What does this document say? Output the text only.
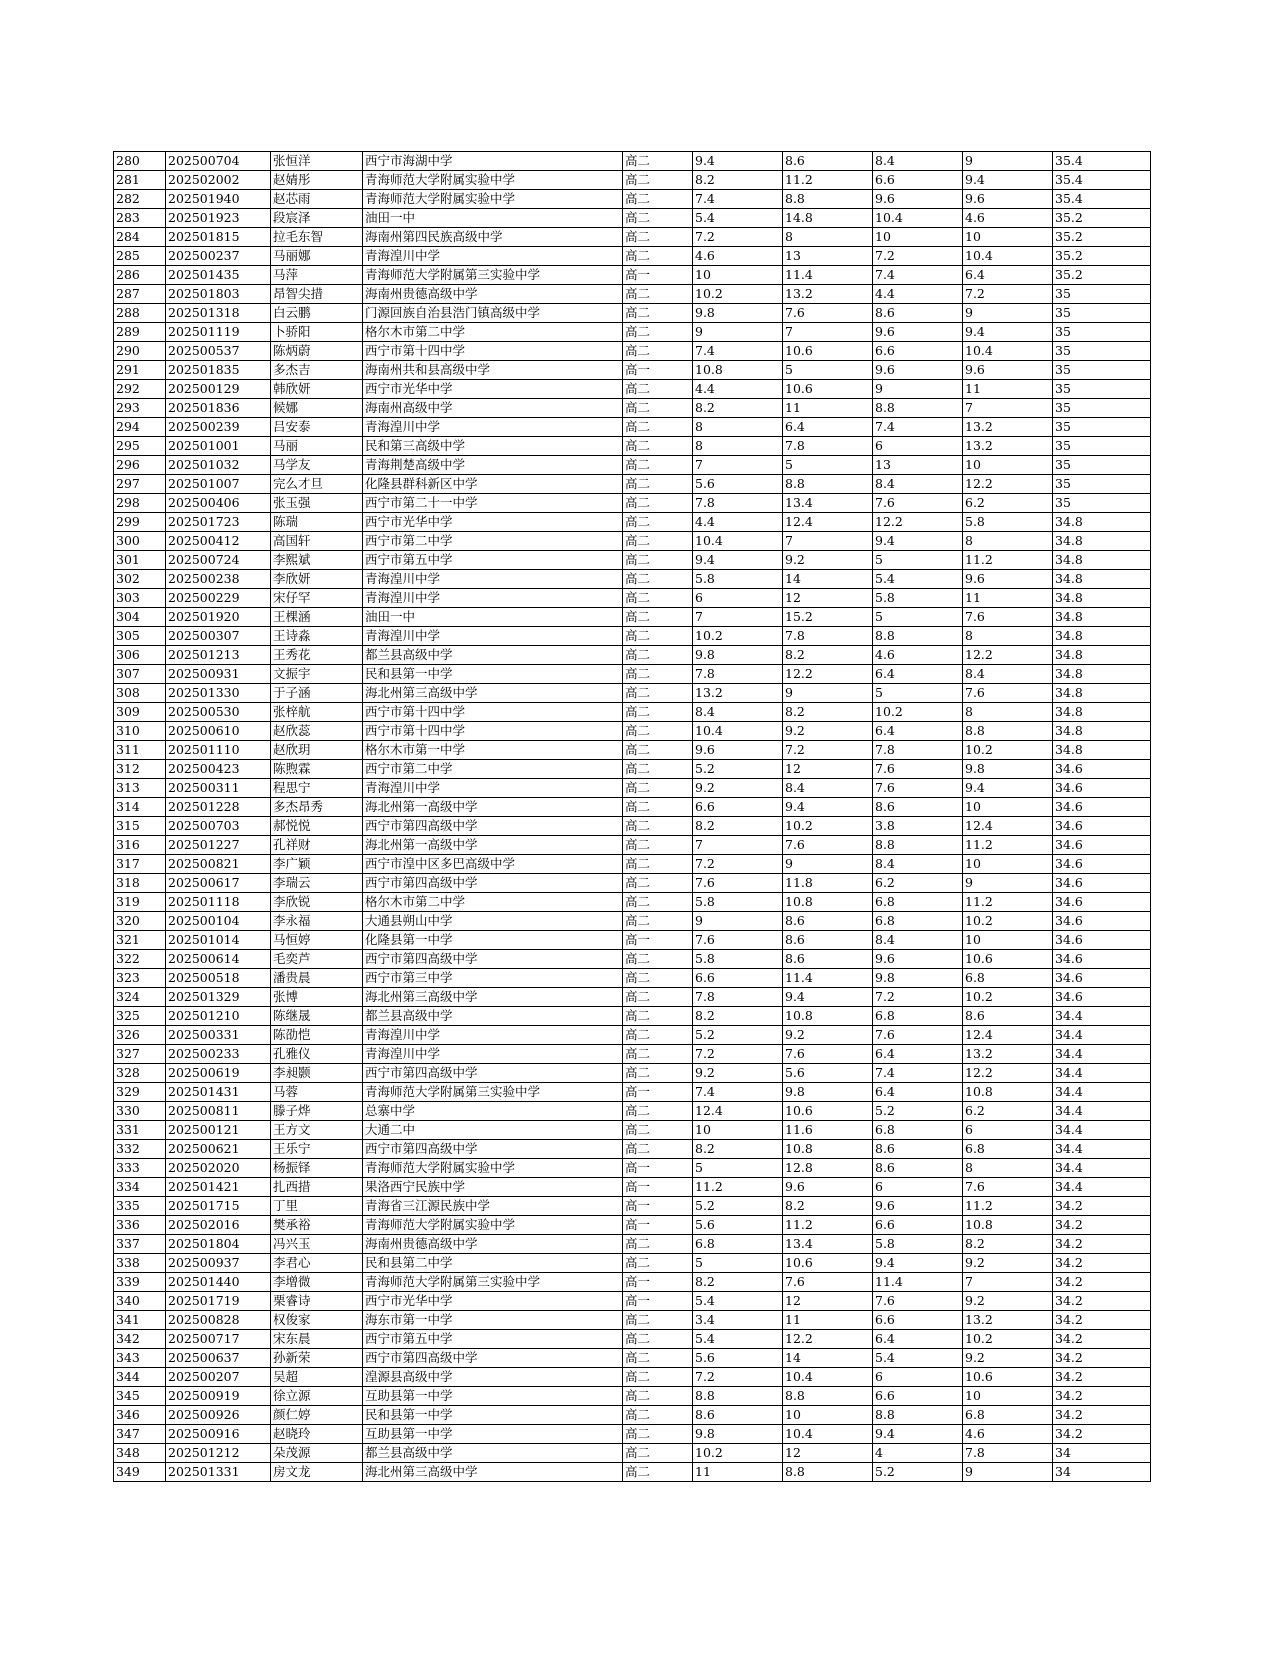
280	202500704	张恒洋	西宁市海湖中学	高二	9.4	8.6	8.4	9	35.4
281	202502002	赵婧彤	青海师范大学附属实验中学	高二	8.2	11.2	6.6	9.4	35.4
282	202501940	赵芯雨	青海师范大学附属实验中学	高二	7.4	8.8	9.6	9.6	35.4
283	202501923	段宸泽	油田一中	高二	5.4	14.8	10.4	4.6	35.2
284	202501815	拉毛东智	海南州第四民族高级中学	高二	7.2	8	10	10	35.2
285	202500237	马丽娜	青海湟川中学	高二	4.6	13	7.2	10.4	35.2
286	202501435	马萍	青海师范大学附属第三实验中学	高一	10	11.4	7.4	6.4	35.2
287	202501803	昂智尖措	海南州贵德高级中学	高二	10.2	13.2	4.4	7.2	35
288	202501318	白云鹏	门源回族自治县浩门镇高级中学	高二	9.8	7.6	8.6	9	35
289	202501119	卜骄阳	格尔木市第二中学	高二	9	7	9.6	9.4	35
290	202500537	陈炳蔚	西宁市第十四中学	高二	7.4	10.6	6.6	10.4	35
291	202501835	多杰吉	海南州共和县高级中学	高一	10.8	5	9.6	9.6	35
292	202500129	韩欣妍	西宁市光华中学	高二	4.4	10.6	9	11	35
293	202501836	候娜	海南州高级中学	高二	8.2	11	8.8	7	35
294	202500239	吕安泰	青海湟川中学	高二	8	6.4	7.4	13.2	35
295	202501001	马丽	民和第三高级中学	高二	8	7.8	6	13.2	35
296	202501032	马学友	青海荆楚高级中学	高二	7	5	13	10	35
297	202501007	完么才旦	化隆县群科新区中学	高二	5.6	8.8	8.4	12.2	35
298	202500406	张玉强	西宁市第二十一中学	高二	7.8	13.4	7.6	6.2	35
299	202501723	陈瑞	西宁市光华中学	高二	4.4	12.4	12.2	5.8	34.8
300	202500412	高国轩	西宁市第二中学	高二	10.4	7	9.4	8	34.8
301	202500724	李熙斌	西宁市第五中学	高二	9.4	9.2	5	11.2	34.8
302	202500238	李欣妍	青海湟川中学	高二	5.8	14	5.4	9.6	34.8
303	202500229	宋仔罕	青海湟川中学	高二	6	12	5.8	11	34.8
304	202501920	王棵涵	油田一中	高二	7	15.2	5	7.6	34.8
305	202500307	王诗淼	青海湟川中学	高二	10.2	7.8	8.8	8	34.8
306	202501213	王秀花	都兰县高级中学	高二	9.8	8.2	4.6	12.2	34.8
307	202500931	文振宇	民和县第一中学	高二	7.8	12.2	6.4	8.4	34.8
308	202501330	于子涵	海北州第三高级中学	高二	13.2	9	5	7.6	34.8
309	202500530	张梓航	西宁市第十四中学	高二	8.4	8.2	10.2	8	34.8
310	202500610	赵欣蕊	西宁市第十四中学	高二	10.4	9.2	6.4	8.8	34.8
311	202501110	赵欣玥	格尔木市第一中学	高二	9.6	7.2	7.8	10.2	34.8
312	202500423	陈煦霖	西宁市第二中学	高二	5.2	12	7.6	9.8	34.6
313	202500311	程思宁	青海湟川中学	高二	9.2	8.4	7.6	9.4	34.6
314	202501228	多杰昂秀	海北州第一高级中学	高二	6.6	9.4	8.6	10	34.6
315	202500703	郝悦悦	西宁市第四高级中学	高二	8.2	10.2	3.8	12.4	34.6
316	202501227	孔祥财	海北州第一高级中学	高二	7	7.6	8.8	11.2	34.6
317	202500821	李广颖	西宁市湟中区多巴高级中学	高二	7.2	9	8.4	10	34.6
318	202500617	李瑞云	西宁市第四高级中学	高二	7.6	11.8	6.2	9	34.6
319	202501118	李欣锐	格尔木市第二中学	高二	5.8	10.8	6.8	11.2	34.6
320	202500104	李永福	大通县朔山中学	高二	9	8.6	6.8	10.2	34.6
321	202501014	马恒婷	化隆县第一中学	高一	7.6	8.6	8.4	10	34.6
322	202500614	毛奕芦	西宁市第四高级中学	高二	5.8	8.6	9.6	10.6	34.6
323	202500518	潘贵晨	西宁市第三中学	高二	6.6	11.4	9.8	6.8	34.6
324	202501329	张博	海北州第三高级中学	高二	7.8	9.4	7.2	10.2	34.6
325	202501210	陈继晟	都兰县高级中学	高二	8.2	10.8	6.8	8.6	34.4
326	202500331	陈劭恺	青海湟川中学	高二	5.2	9.2	7.6	12.4	34.4
327	202500233	孔雅仪	青海湟川中学	高二	7.2	7.6	6.4	13.2	34.4
328	202500619	李昶颢	西宁市第四高级中学	高二	9.2	5.6	7.4	12.2	34.4
329	202501431	马蓉	青海师范大学附属第三实验中学	高一	7.4	9.8	6.4	10.8	34.4
330	202500811	滕子烨	总寨中学	高二	12.4	10.6	5.2	6.2	34.4
331	202500121	王方文	大通二中	高二	10	11.6	6.8	6	34.4
332	202500621	王乐宁	西宁市第四高级中学	高二	8.2	10.8	8.6	6.8	34.4
333	202502020	杨振铎	青海师范大学附属实验中学	高一	5	12.8	8.6	8	34.4
334	202501421	扎西措	果洛西宁民族中学	高一	11.2	9.6	6	7.6	34.4
335	202501715	丁里	青海省三江源民族中学	高一	5.2	8.2	9.6	11.2	34.2
336	202502016	樊承裕	青海师范大学附属实验中学	高一	5.6	11.2	6.6	10.8	34.2
337	202501804	冯兴玉	海南州贵德高级中学	高二	6.8	13.4	5.8	8.2	34.2
338	202500937	李君心	民和县第二中学	高二	5	10.6	9.4	9.2	34.2
339	202501440	李增微	青海师范大学附属第三实验中学	高一	8.2	7.6	11.4	7	34.2
340	202501719	栗睿诗	西宁市光华中学	高一	5.4	12	7.6	9.2	34.2
341	202500828	权俊家	海东市第一中学	高二	3.4	11	6.6	13.2	34.2
342	202500717	宋东晨	西宁市第五中学	高二	5.4	12.2	6.4	10.2	34.2
343	202500637	孙新荣	西宁市第四高级中学	高二	5.6	14	5.4	9.2	34.2
344	202500207	吴超	湟源县高级中学	高二	7.2	10.4	6	10.6	34.2
345	202500919	徐立源	互助县第一中学	高二	8.8	8.8	6.6	10	34.2
346	202500926	颜仁婷	民和县第一中学	高二	8.6	10	8.8	6.8	34.2
347	202500916	赵晓玲	互助县第一中学	高二	9.8	10.4	9.4	4.6	34.2
348	202501212	朵茂源	都兰县高级中学	高二	10.2	12	4	7.8	34
349	202501331	房文龙	海北州第三高级中学	高二	11	8.8	5.2	9	34
